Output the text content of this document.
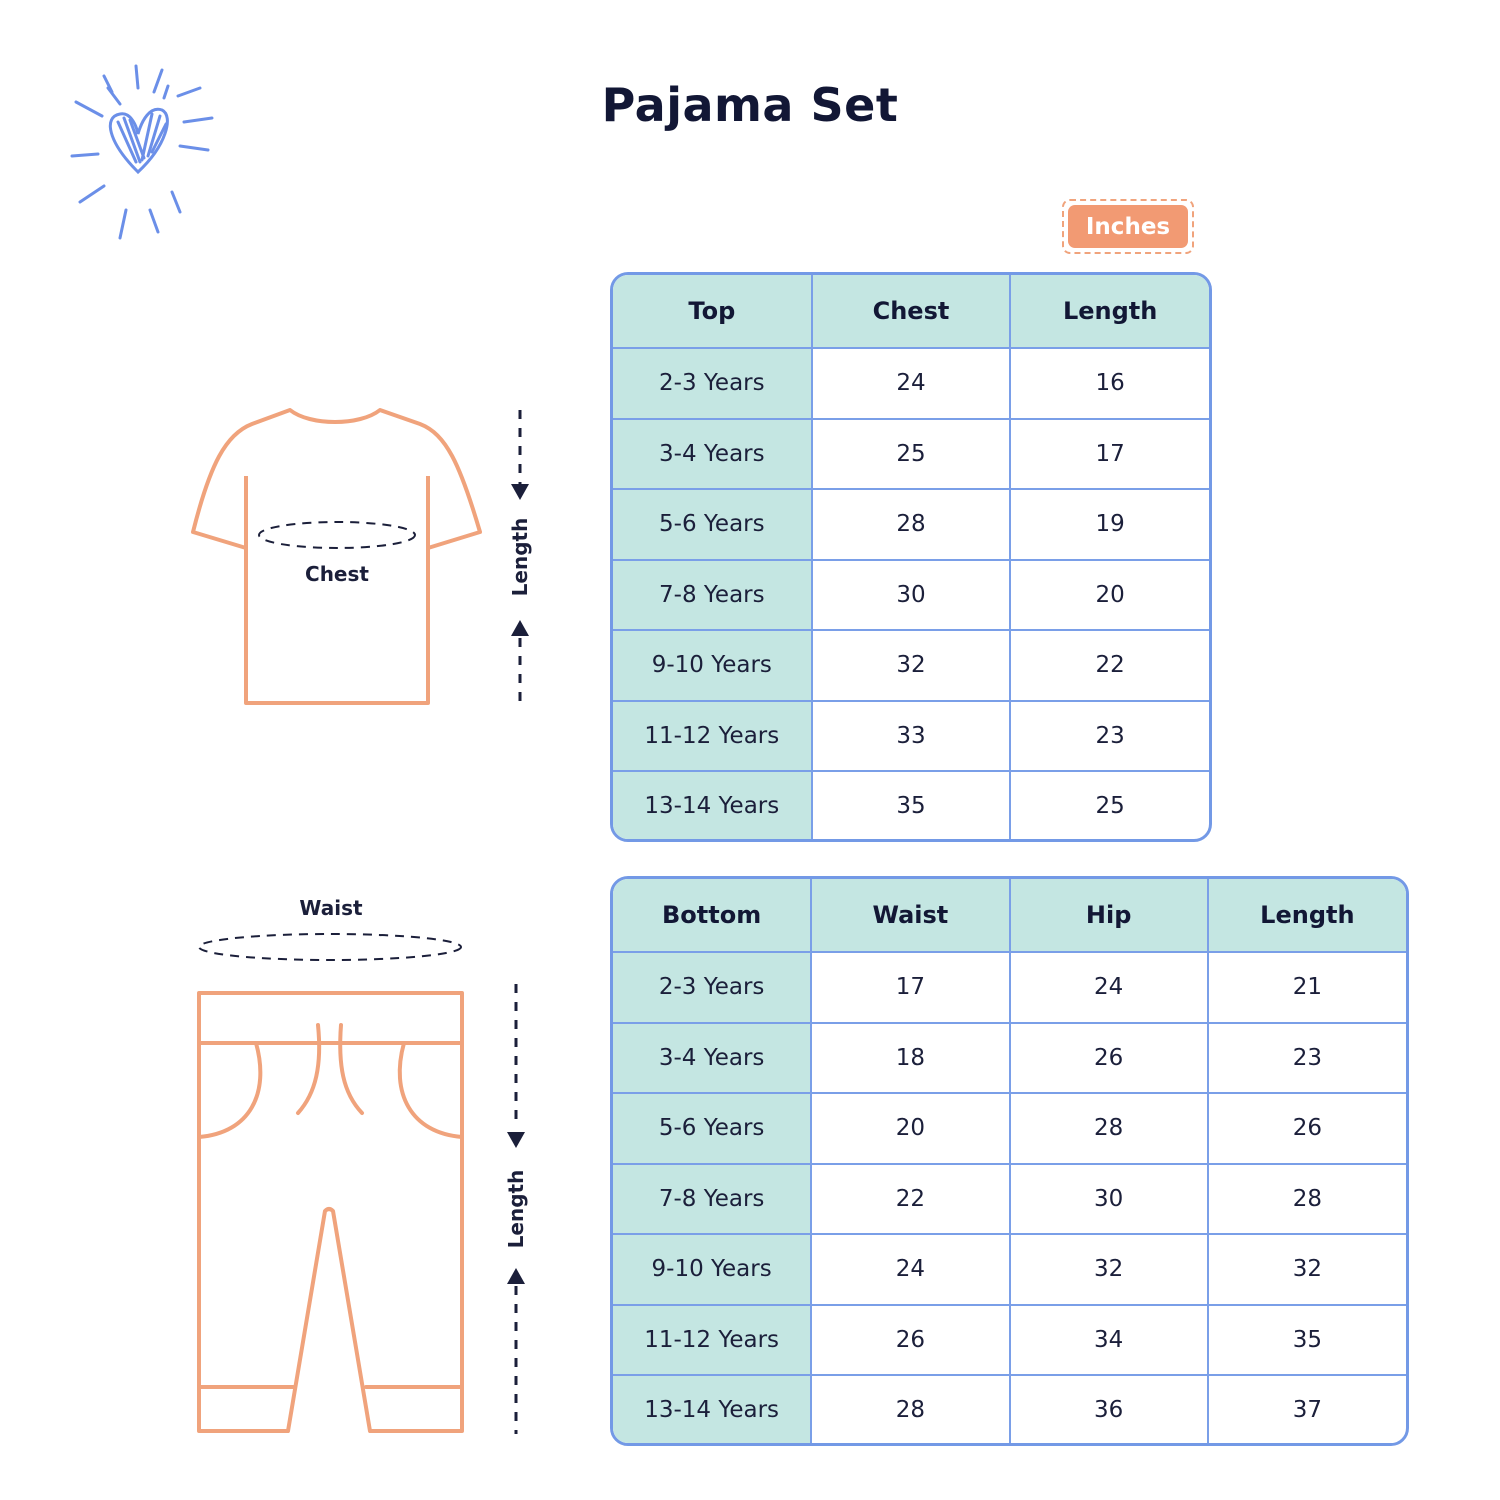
Pajama Set
Inches
Chest	Length
Waist
Length
Top	Chest	Length
2-3 Years	24	16
3-4 Years	25	17
5-6 Years	28	19
7-8 Years	30	20
9-10 Years	32	22
11-12 Years	33	23
13-14 Years	35	25
Bottom	Waist	Hip	Length
2-3 Years	17	24	21
3-4 Years	18	26	23
5-6 Years	20	28	26
7-8 Years	22	30	28
9-10 Years	24	32	32
11-12 Years	26	34	35
13-14 Years	28	36	37
